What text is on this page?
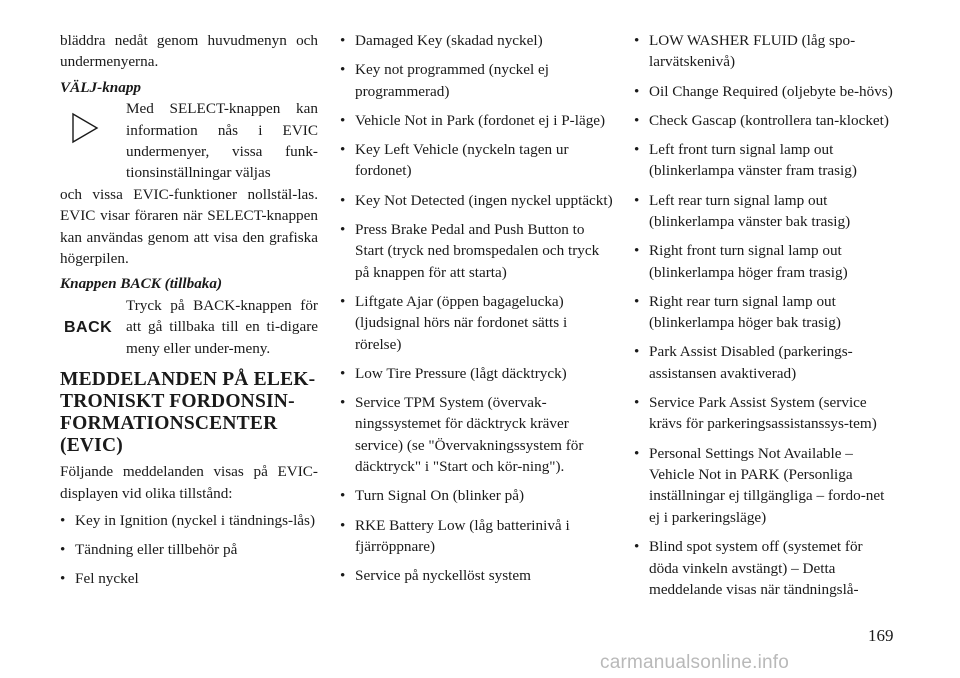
bläddra nedåt genom huvudmenyn och undermenyerna.

VÄLJ-knapp

Med SELECT-knappen kan information nås i EVIC undermenyer, vissa funk-tionsinställningar väljas

och vissa EVIC-funktioner nollstäl-las. EVIC visar föraren när SELECT-knappen kan användas genom att visa den grafiska högerpilen.

Knappen BACK (tillbaka)

BACK
Tryck på BACK-knappen för att gå tillbaka till en ti-digare meny eller under-meny.
MEDDELANDEN PÅ ELEK-TRONISKT FORDONSIN-FORMATIONSCENTER (EVIC)

Följande meddelanden visas på EVIC-displayen vid olika tillstånd:

• Key in Ignition (nyckel i tändnings-lås)
• Tändning eller tillbehör på
• Fel nyckel
• Damaged Key (skadad nyckel)
• Key not programmed (nyckel ej programmerad)
• Vehicle Not in Park (fordonet ej i P-läge)
• Key Left Vehicle (nyckeln tagen ur fordonet)
• Key Not Detected (ingen nyckel upptäckt)
• Press Brake Pedal and Push Button to Start (tryck ned bromspedalen och tryck på knappen för att starta)
• Liftgate Ajar (öppen bagagelucka) (ljudsignal hörs när fordonet sätts i rörelse)
• Low Tire Pressure (lågt däcktryck)
• Service TPM System (övervak-ningssystemet för däcktryck kräver service) (se "Övervakningssystem för däcktryck" i "Start och kör-ning").
• Turn Signal On (blinker på)
• RKE Battery Low (låg batterinivå i fjärröppnare)
• Service på nyckellöst system
• LOW WASHER FLUID (låg spo-larvätskenivå)
• Oil Change Required (oljebyte be-hövs)
• Check Gascap (kontrollera tan-klocket)
• Left front turn signal lamp out (blinkerlampa vänster fram trasig)
• Left rear turn signal lamp out (blinkerlampa vänster bak trasig)
• Right front turn signal lamp out (blinkerlampa höger fram trasig)
• Right rear turn signal lamp out (blinkerlampa höger bak trasig)
• Park Assist Disabled (parkerings-assistansen avaktiverad)
• Service Park Assist System (service krävs för parkeringsassistanssys-tem)
• Personal Settings Not Available – Vehicle Not in PARK (Personliga inställningar ej tillgängliga – fordo-net ej i parkeringsläge)
• Blind spot system off (systemet för döda vinkeln avstängt) – Detta meddelande visas när tändningslå-
169
carmanualsonline.info
